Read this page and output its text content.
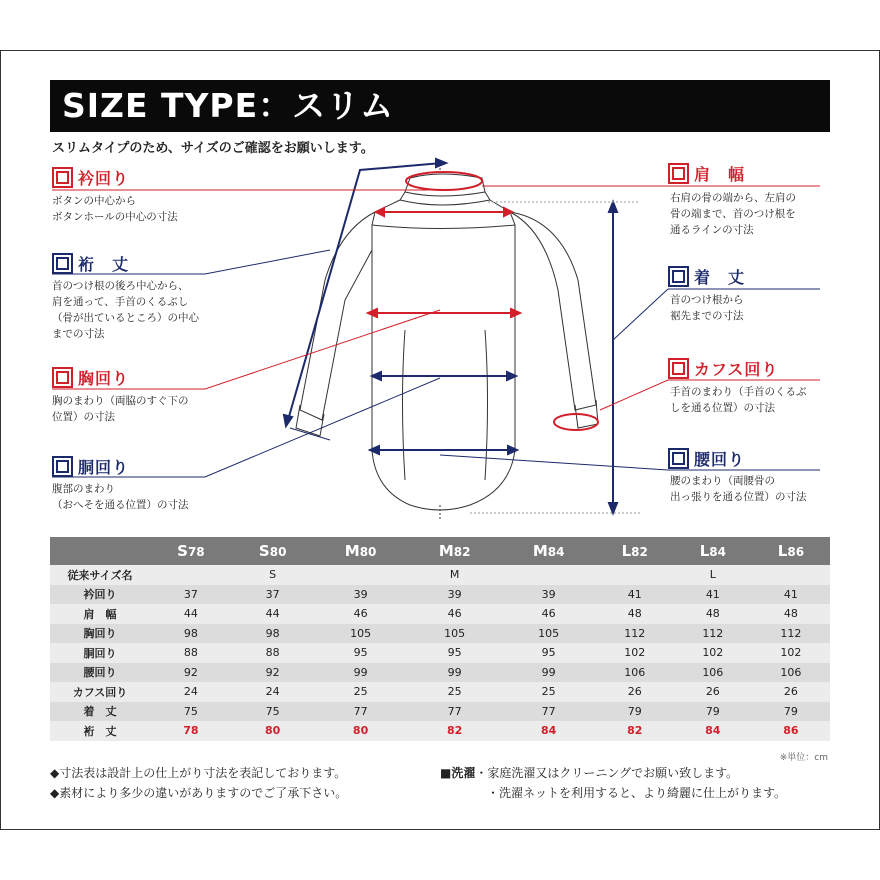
SIZE TYPE：スリム
スリムタイプのため、サイズのご確認をお願いします。
衿回り
ボタンの中心から
ボタンホールの中心の寸法
裄　丈
首のつけ根の後ろ中心から、
肩を通って、手首のくるぶし
（骨が出ているところ）の中心
までの寸法
胸回り
胸のまわり（両脇のすぐ下の
位置）の寸法
胴回り
腹部のまわり
（おへそを通る位置）の寸法
肩　幅
右肩の骨の端から、左肩の
骨の端まで、首のつけ根を
通るラインの寸法
着　丈
首のつけ根から
裾先までの寸法
カフス回り
手首のまわり（手首のくるぶ
しを通る位置）の寸法
腰回り
腰のまわり（両腰骨の
出っ張りを通る位置）の寸法
	S78	S80	M80	M82	M84	L82	L84	L86
従来サイズ名		S		M			L	
衿回り	37	37	39	39	39	41	41	41
肩　幅	44	44	46	46	46	48	48	48
胸回り	98	98	105	105	105	112	112	112
胴回り	88	88	95	95	95	102	102	102
腰回り	92	92	99	99	99	106	106	106
カフス回り	24	24	25	25	25	26	26	26
着　丈	75	75	77	77	77	79	79	79
裄　丈	78	80	80	82	84	82	84	86
※単位：cm
◆寸法表は設計上の仕上がり寸法を表記しております。
◆素材により多少の違いがありますのでご了承下さい。
■洗濯・家庭洗濯又はクリーニングでお願い致します。
・洗濯ネットを利用すると、より綺麗に仕上がります。
